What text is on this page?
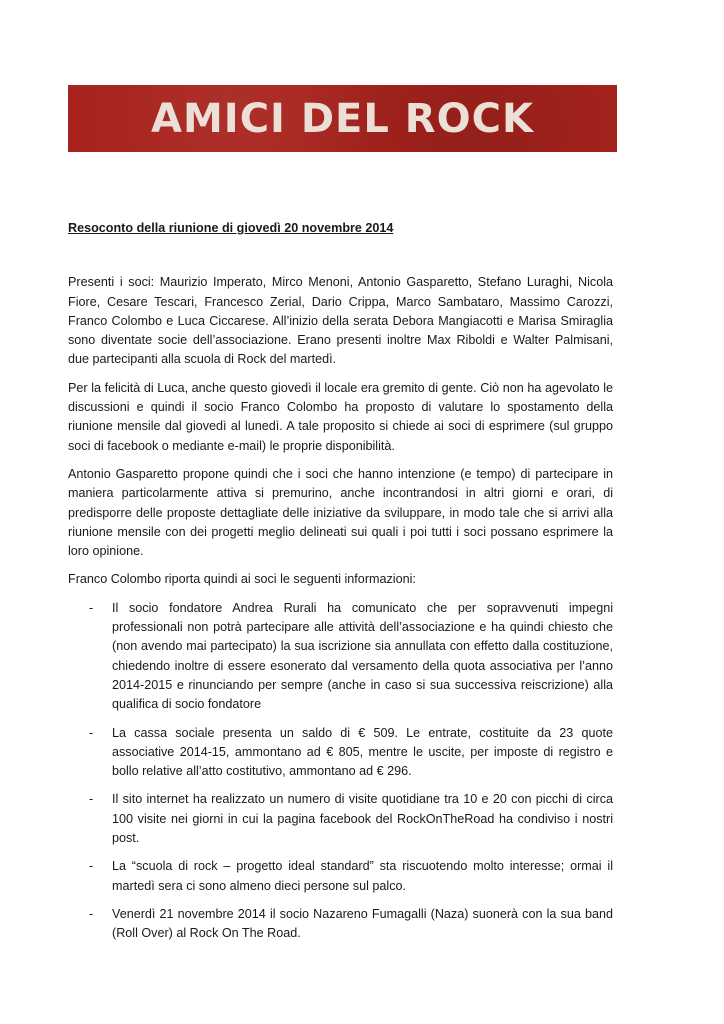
AMICI DEL ROCK

Resoconto della riunione di giovedì 20 novembre 2014

Presenti i soci: Maurizio Imperato, Mirco Menoni, Antonio Gasparetto, Stefano Luraghi, Nicola Fiore, Cesare Tescari, Francesco Zerial, Dario Crippa, Marco Sambataro, Massimo Carozzi, Franco Colombo e Luca Ciccarese. All’inizio della serata Debora Mangiacotti e Marisa Smiraglia sono diventate socie dell’associazione. Erano presenti inoltre Max Riboldi e Walter Palmisani, due partecipanti alla scuola di Rock del martedì.

Per la felicità di Luca, anche questo giovedì il locale era gremito di gente. Ciò non ha agevolato le discussioni e quindi il socio Franco Colombo ha proposto di valutare lo spostamento della riunione mensile dal giovedì al lunedì. A tale proposito si chiede ai soci di esprimere (sul gruppo soci di facebook o mediante e-mail) le proprie disponibilità.

Antonio Gasparetto propone quindi che i soci che hanno intenzione (e tempo) di partecipare in maniera particolarmente attiva si premurino, anche incontrandosi in altri giorni e orari, di predisporre delle proposte dettagliate delle iniziative da sviluppare, in modo tale che si arrivi alla riunione mensile con dei progetti meglio delineati sui quali i poi tutti i soci possano esprimere la loro opinione.

Franco Colombo riporta quindi ai soci le seguenti informazioni:

- Il socio fondatore Andrea Rurali ha comunicato che per sopravvenuti impegni professionali non potrà partecipare alle attività dell’associazione e ha quindi chiesto che (non avendo mai partecipato) la sua iscrizione sia annullata con effetto dalla costituzione, chiedendo inoltre di essere esonerato dal versamento della quota associativa per l’anno 2014-2015 e rinunciando per sempre (anche in caso si sua successiva reiscrizione) alla qualifica di socio fondatore
- La cassa sociale presenta un saldo di € 509. Le entrate, costituite da 23 quote associative 2014-15, ammontano ad € 805, mentre le uscite, per imposte di registro e bollo relative all’atto costitutivo, ammontano ad € 296.
- Il sito internet ha realizzato un numero di visite quotidiane tra 10 e 20 con picchi di circa 100 visite nei giorni in cui la pagina facebook del RockOnTheRoad ha condiviso i nostri post.
- La “scuola di rock – progetto ideal standard” sta riscuotendo molto interesse; ormai il martedì sera ci sono almeno dieci persone sul palco.
- Venerdì 21 novembre 2014 il socio Nazareno Fumagalli (Naza) suonerà con la sua band (Roll Over) al Rock On The Road.
